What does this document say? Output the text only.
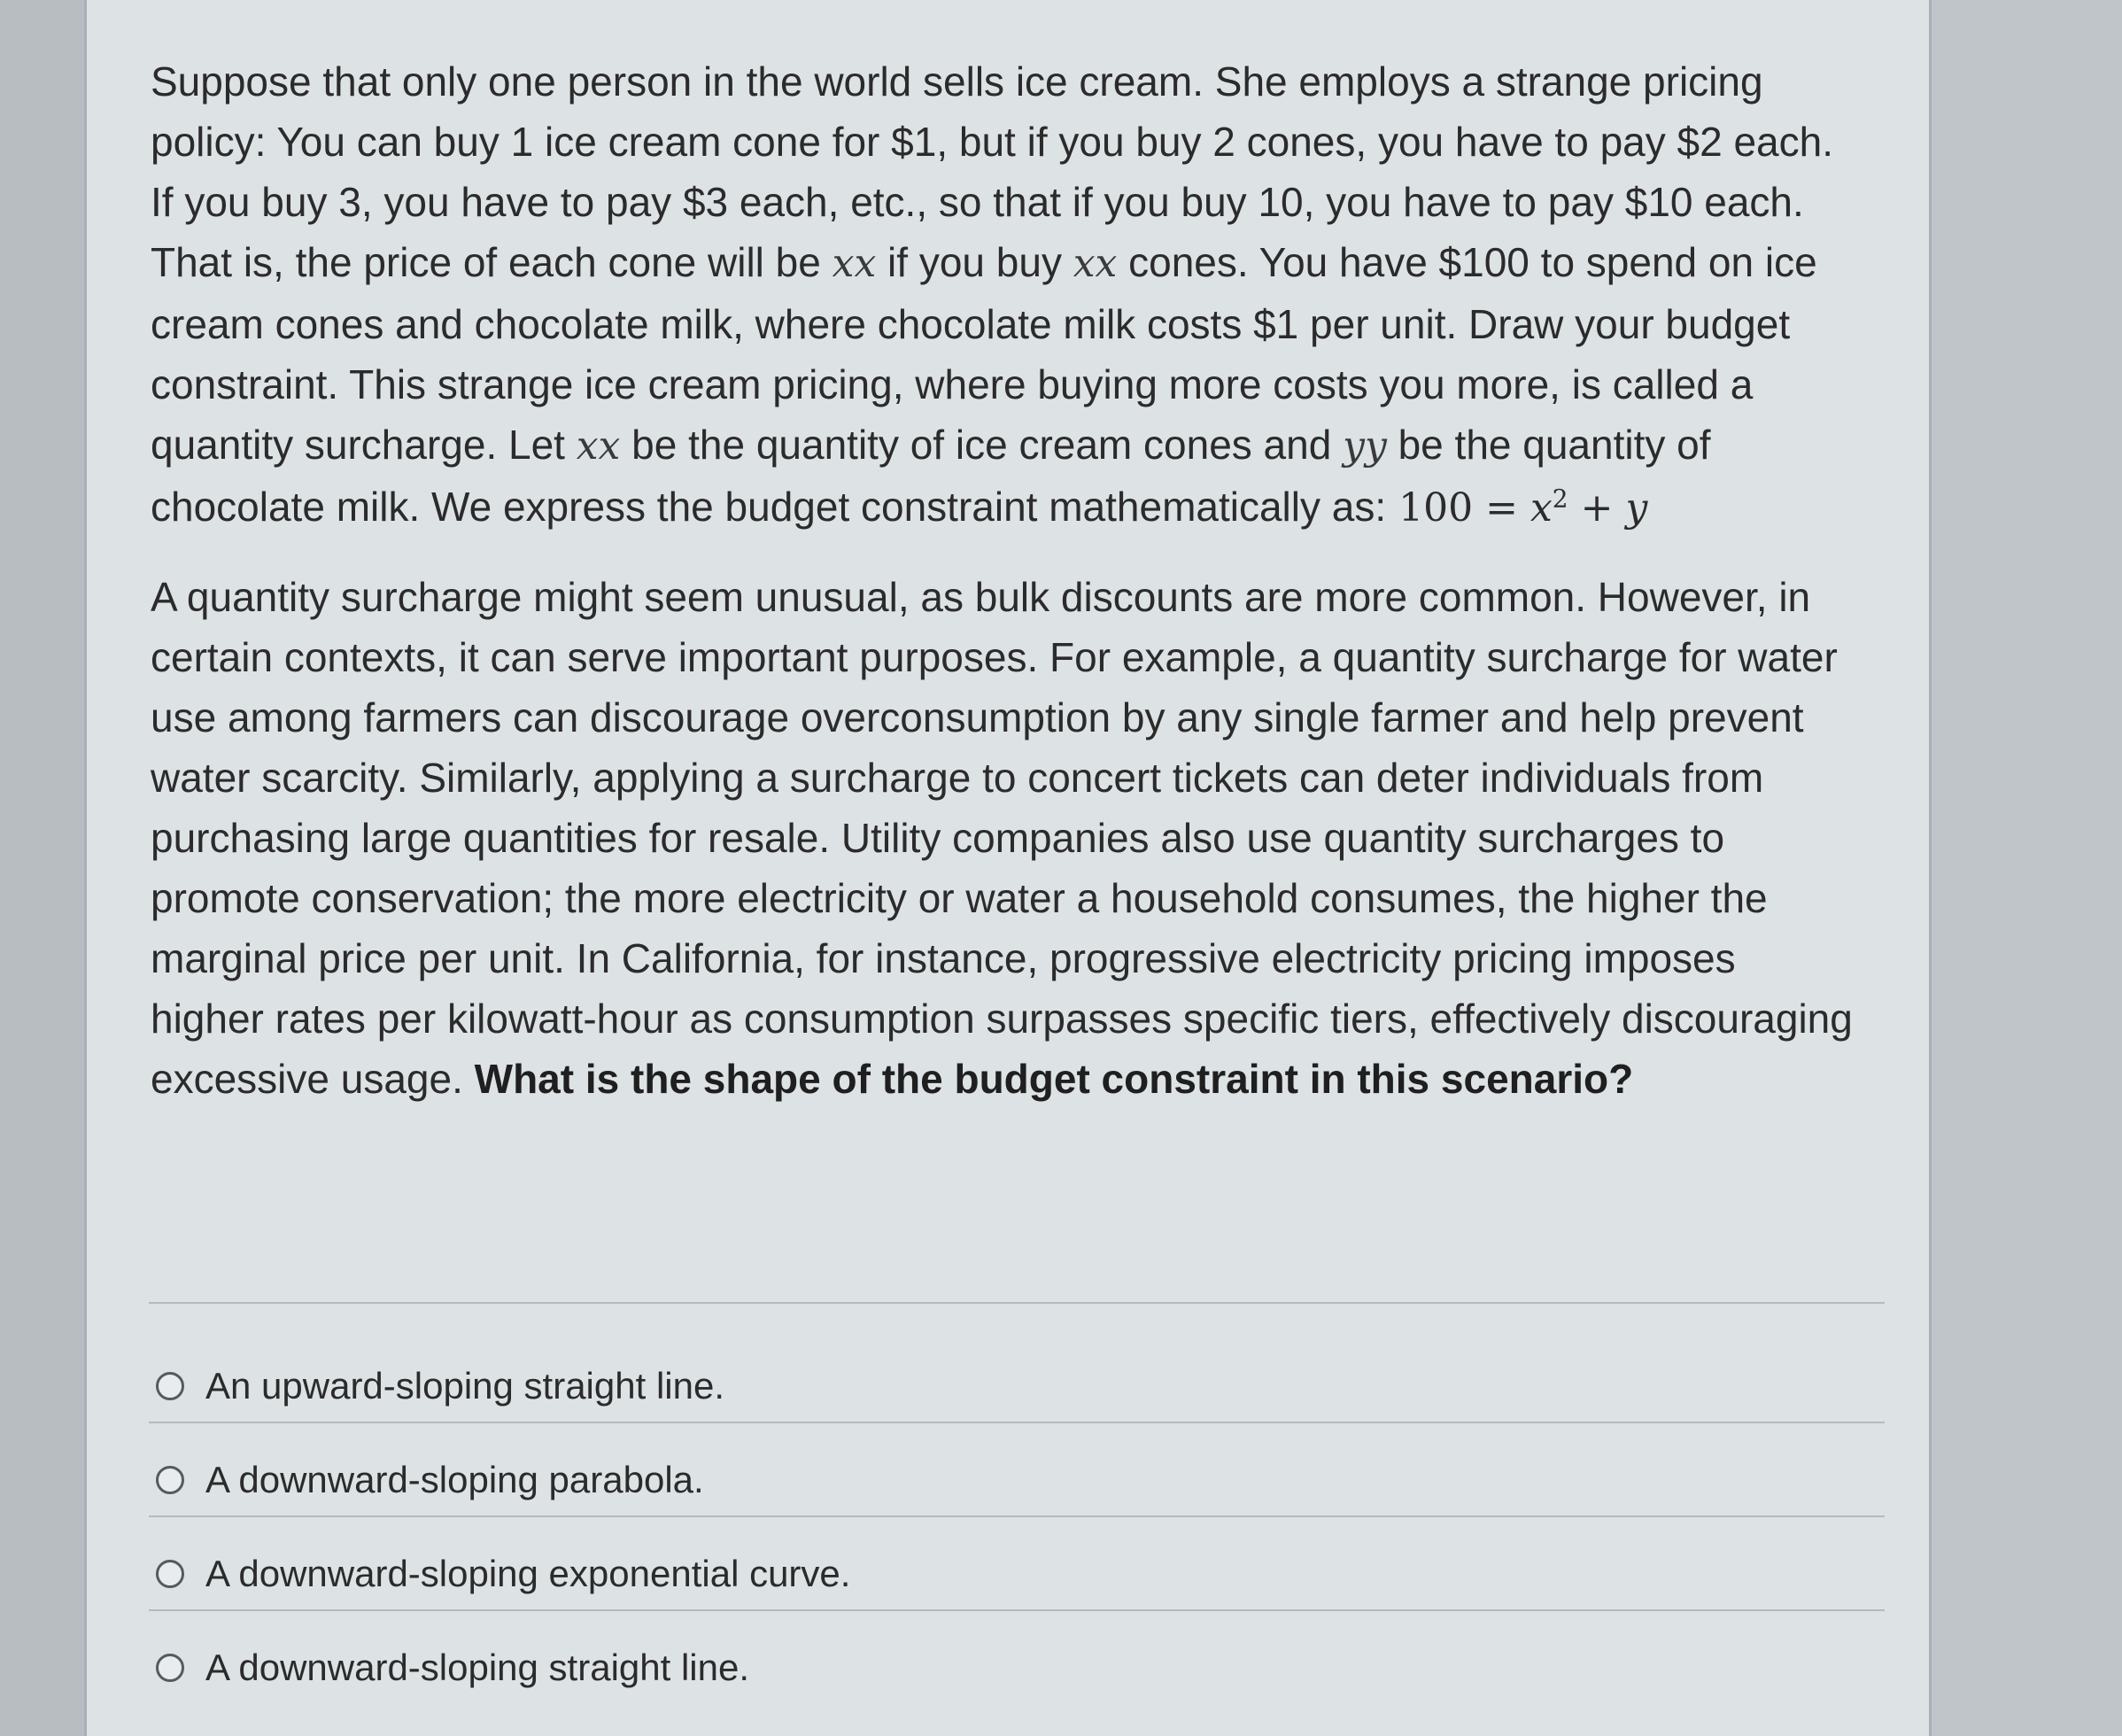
Suppose that only one person in the world sells ice cream. She employs a strange pricing policy: You can buy 1 ice cream cone for $1, but if you buy 2 cones, you have to pay $2 each. If you buy 3, you have to pay $3 each, etc., so that if you buy 10, you have to pay $10 each. That is, the price of each cone will be 𝑥x if you buy 𝑥x cones. You have $100 to spend on ice cream cones and chocolate milk, where chocolate milk costs $1 per unit. Draw your budget constraint. This strange ice cream pricing, where buying more costs you more, is called a quantity surcharge. Let 𝑥x be the quantity of ice cream cones and 𝑦y be the quantity of chocolate milk. We express the budget constraint mathematically as: $100 = x^2 + y$

A quantity surcharge might seem unusual, as bulk discounts are more common. However, in certain contexts, it can serve important purposes. For example, a quantity surcharge for water use among farmers can discourage overconsumption by any single farmer and help prevent water scarcity. Similarly, applying a surcharge to concert tickets can deter individuals from purchasing large quantities for resale. Utility companies also use quantity surcharges to promote conservation; the more electricity or water a household consumes, the higher the marginal price per unit. In California, for instance, progressive electricity pricing imposes higher rates per kilowatt-hour as consumption surpasses specific tiers, effectively discouraging excessive usage. What is the shape of the budget constraint in this scenario?

An upward-sloping straight line.
A downward-sloping parabola.
A downward-sloping exponential curve.
A downward-sloping straight line.
